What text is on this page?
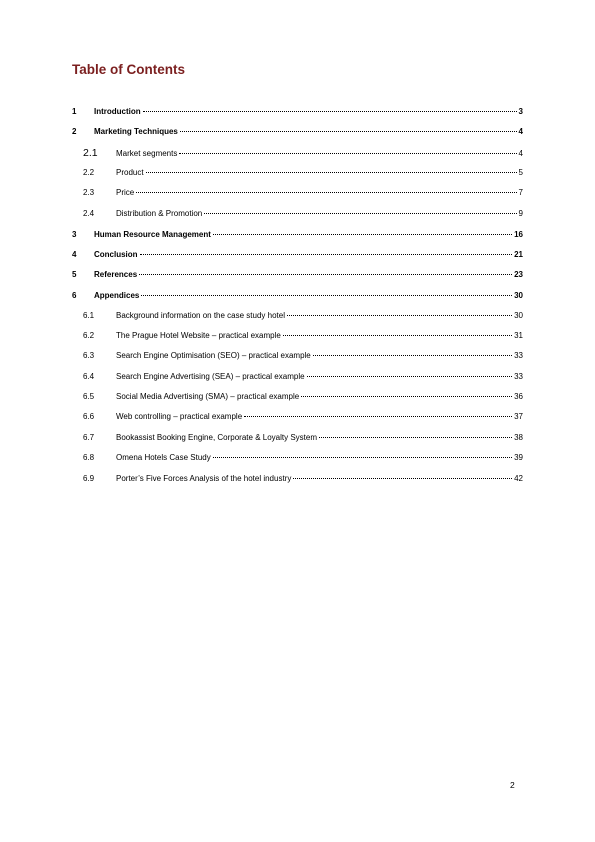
Table of Contents
1	Introduction	3
2	Marketing Techniques	4
2.1	Market segments	4
2.2	Product	5
2.3	Price	7
2.4	Distribution & Promotion	9
3	Human Resource Management	16
4	Conclusion	21
5	References	23
6	Appendices	30
6.1	Background information on the case study hotel	30
6.2	The Prague Hotel Website – practical example	31
6.3	Search Engine Optimisation (SEO) – practical example	33
6.4	Search Engine Advertising (SEA) – practical example	33
6.5	Social Media Advertising (SMA) – practical example	36
6.6	Web controlling – practical example	37
6.7	Bookassist Booking Engine, Corporate & Loyalty System	38
6.8	Omena Hotels Case Study	39
6.9	Porter’s Five Forces Analysis of the hotel industry	42
2
